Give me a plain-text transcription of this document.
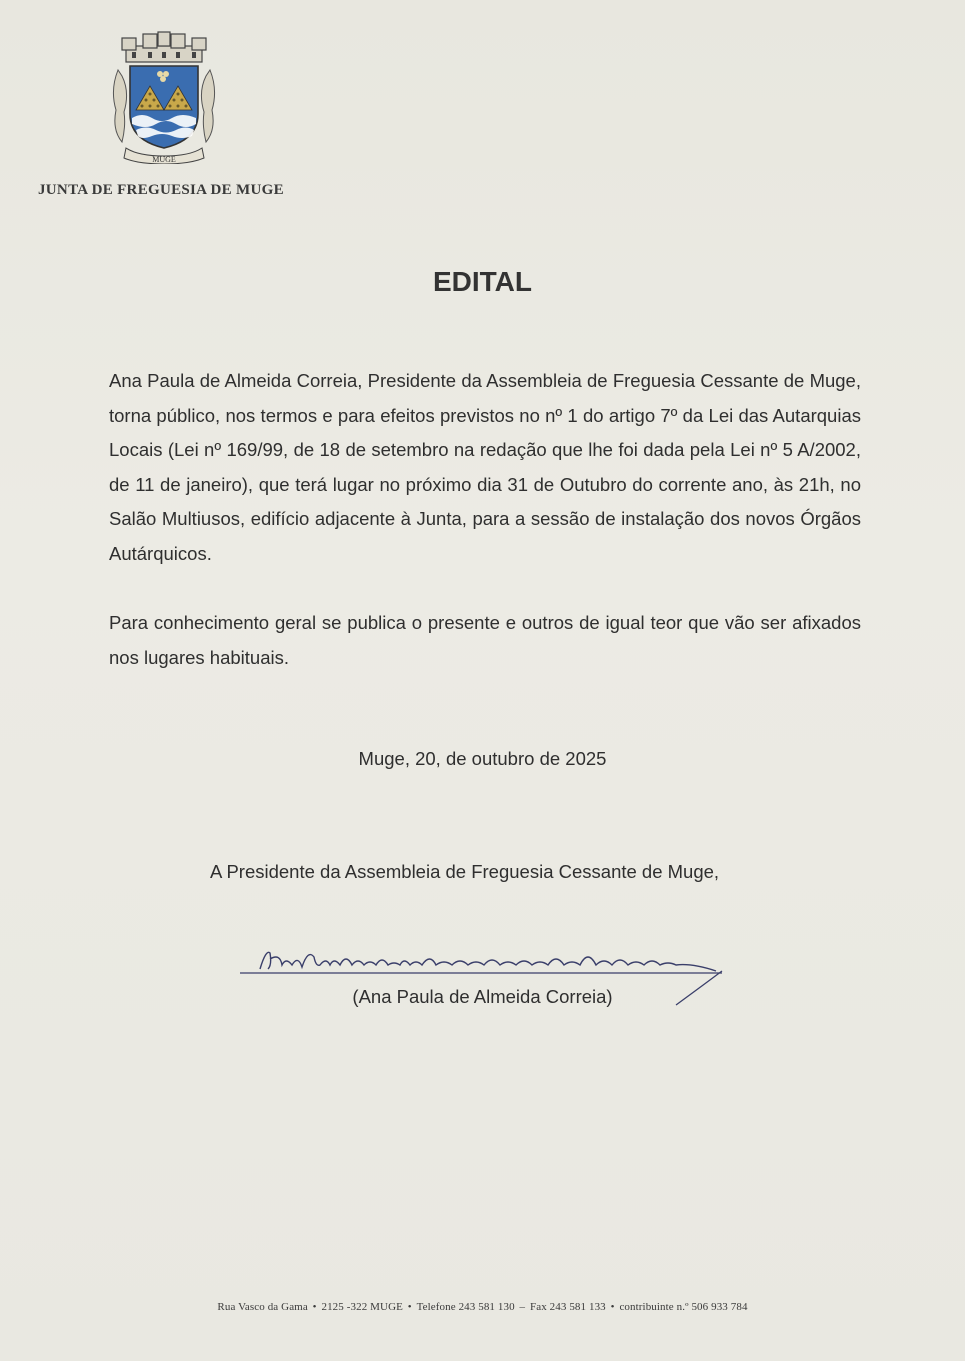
MUGE
JUNTA DE FREGUESIA DE MUGE
EDITAL

Ana Paula de Almeida Correia, Presidente da Assembleia de Freguesia Cessante de Muge, torna público, nos termos e para efeitos previstos no nº 1 do artigo 7º da Lei das Autarquias Locais (Lei nº 169/99, de 18 de setembro na redação que lhe foi dada pela Lei nº 5 A/2002, de 11 de janeiro), que terá lugar no próximo dia 31 de Outubro do corrente ano, às 21h, no Salão Multiusos, edifício adjacente à Junta, para a sessão de instalação dos novos Órgãos Autárquicos.

Para conhecimento geral se publica o presente e outros de igual teor que vão ser afixados nos lugares habituais.

Muge, 20, de outubro de 2025
A Presidente da Assembleia de Freguesia Cessante de Muge,
(Ana Paula de Almeida Correia)
Rua Vasco da Gama • 2125 -322 MUGE • Telefone 243 581 130 – Fax 243 581 133 • contribuinte n.º 506 933 784
